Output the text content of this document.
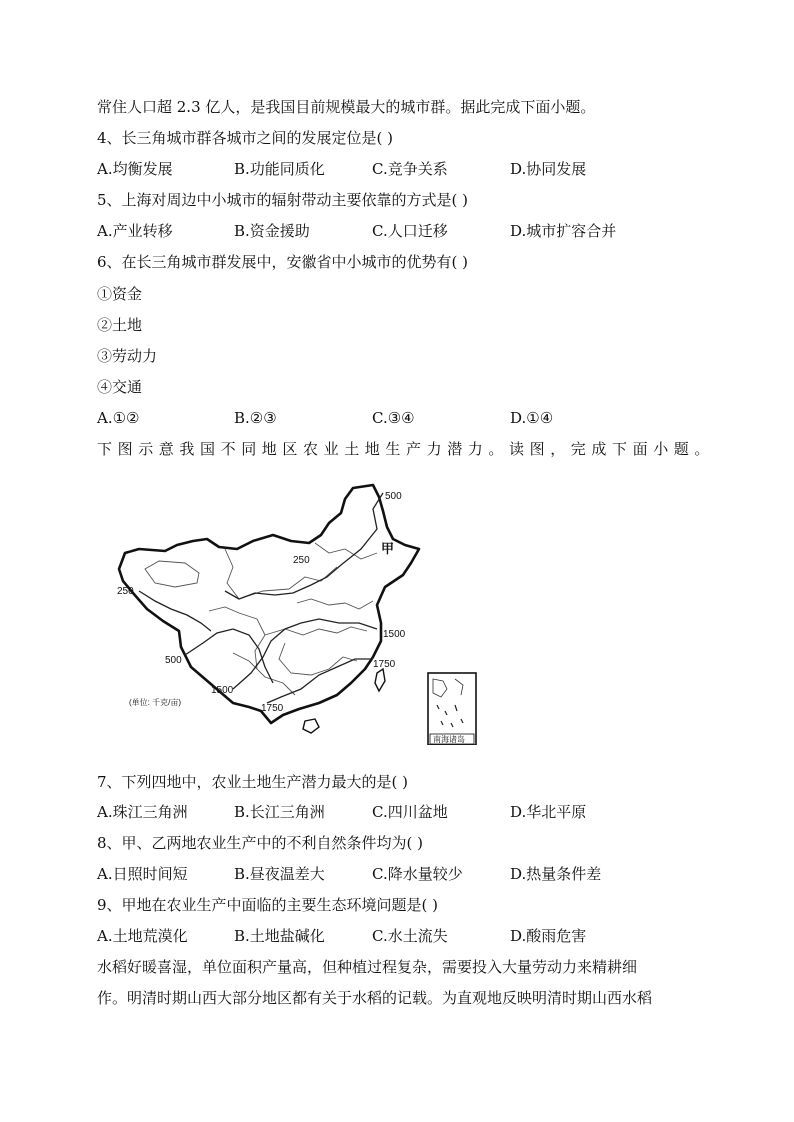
常住人口超 2.3 亿人，是我国目前规模最大的城市群。据此完成下面小题。
4、长三角城市群各城市之间的发展定位是( )
A.均衡发展	B.功能同质化	C.竞争关系	D.协同发展
5、上海对周边中小城市的辐射带动主要依靠的方式是( )
A.产业转移	B.资金援助	C.人口迁移	D.城市扩容合并
6、在长三角城市群发展中，安徽省中小城市的优势有( )
①资金
②土地
③劳动力
④交通
A.①②	B.②③	C.③④	D.①④
下图示意我国不同地区农业土地生产力潜力。读图，完成下面小题。
500
250
250
1500
500	1750
1500
1750
甲
(单位: 千克/亩)
南海诸岛
7、下列四地中，农业土地生产潜力最大的是( )
A.珠江三角洲	B.长江三角洲	C.四川盆地	D.华北平原
8、甲、乙两地农业生产中的不利自然条件均为( )
A.日照时间短	B.昼夜温差大	C.降水量较少	D.热量条件差
9、甲地在农业生产中面临的主要生态环境问题是( )
A.土地荒漠化	B.土地盐碱化	C.水土流失	D.酸雨危害
水稻好暖喜湿，单位面积产量高，但种植过程复杂，需要投入大量劳动力来精耕细
作。明清时期山西大部分地区都有关于水稻的记载。为直观地反映明清时期山西水稻
